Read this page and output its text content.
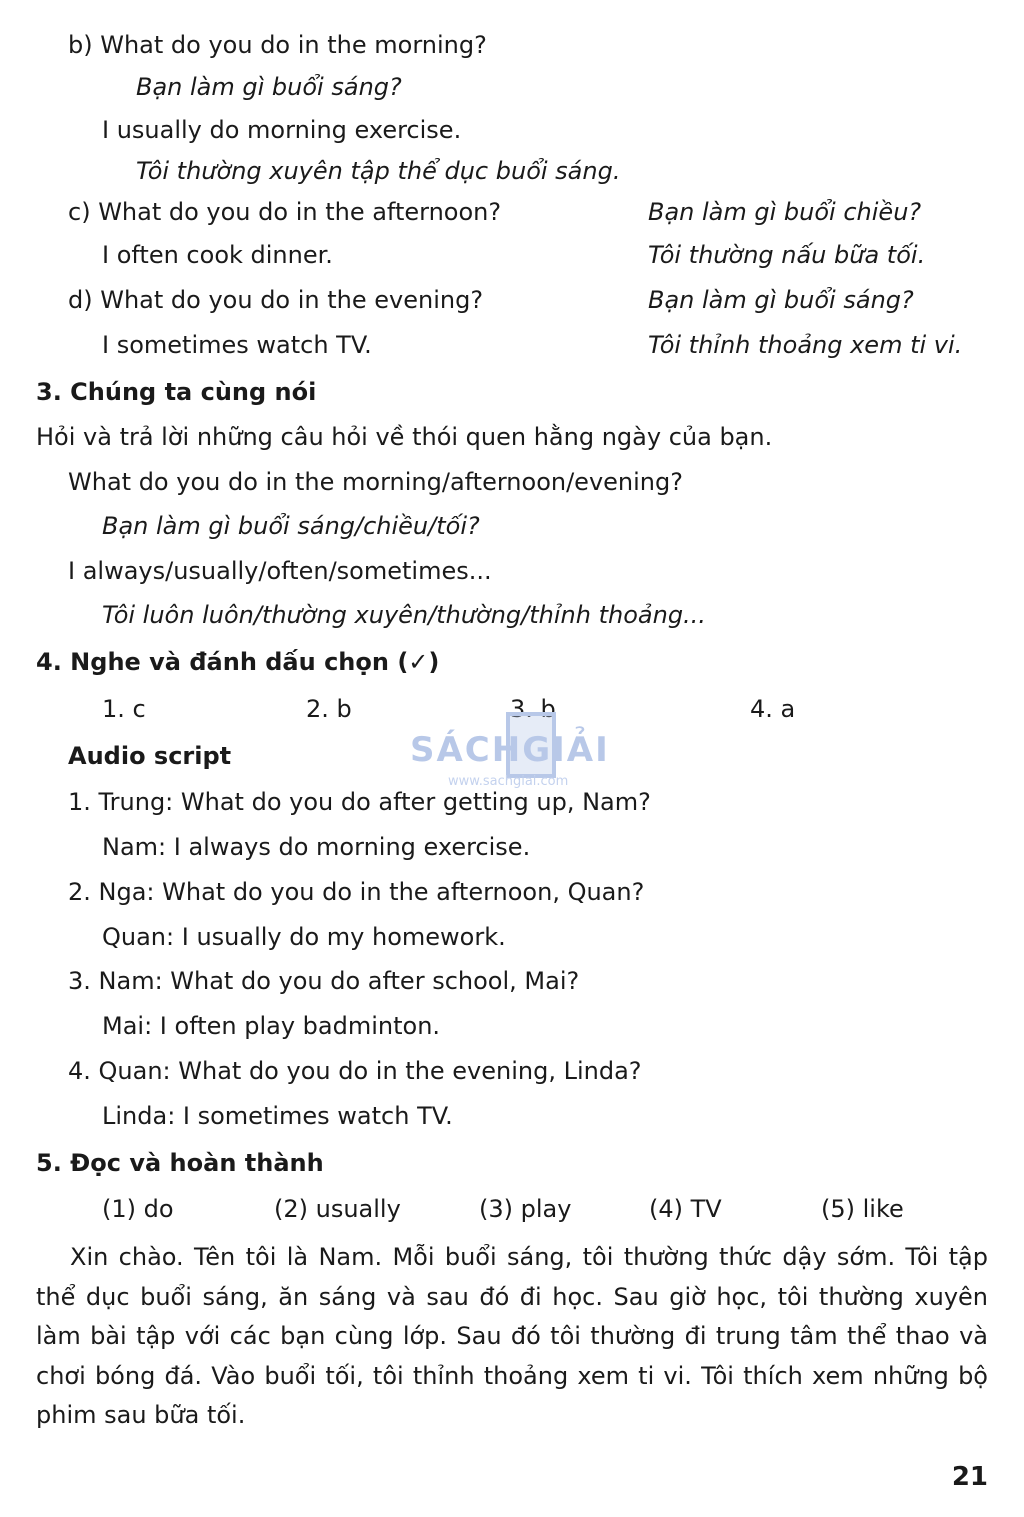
b) What do you do in the morning?
Bạn làm gì buổi sáng?
I usually do morning exercise.
Tôi thường xuyên tập thể dục buổi sáng.
c) What do you do in the afternoon?	Bạn làm gì buổi chiều?
I often cook dinner.	Tôi thường nấu bữa tối.
d) What do you do in the evening?	Bạn làm gì buổi sáng?
I sometimes watch TV.	Tôi thỉnh thoảng xem ti vi.
3. Chúng ta cùng nói
Hỏi và trả lời những câu hỏi về thói quen hằng ngày của bạn.
What do you do in the morning/afternoon/evening?
Bạn làm gì buổi sáng/chiều/tối?
I always/usually/often/sometimes...
Tôi luôn luôn/thường xuyên/thường/thỉnh thoảng...
4. Nghe và đánh dấu chọn (✓)
1. c	2. b	3. b	4. a
SÁCHGIẢI
www.sachgiai.com
Audio script
1. Trung: What do you do after getting up, Nam?
Nam: I always do morning exercise.
2. Nga: What do you do in the afternoon, Quan?
Quan: I usually do my homework.
3. Nam: What do you do after school, Mai?
Mai: I often play badminton.
4. Quan: What do you do in the evening, Linda?
Linda: I sometimes watch TV.
5. Đọc và hoàn thành
(1) do	(2) usually	(3) play	(4) TV	(5) like

Xin chào. Tên tôi là Nam. Mỗi buổi sáng, tôi thường thức dậy sớm. Tôi tập thể dục buổi sáng, ăn sáng và sau đó đi học. Sau giờ học, tôi thường xuyên làm bài tập với các bạn cùng lớp. Sau đó tôi thường đi trung tâm thể thao và chơi bóng đá. Vào buổi tối, tôi thỉnh thoảng xem ti vi. Tôi thích xem những bộ phim sau bữa tối.

21
